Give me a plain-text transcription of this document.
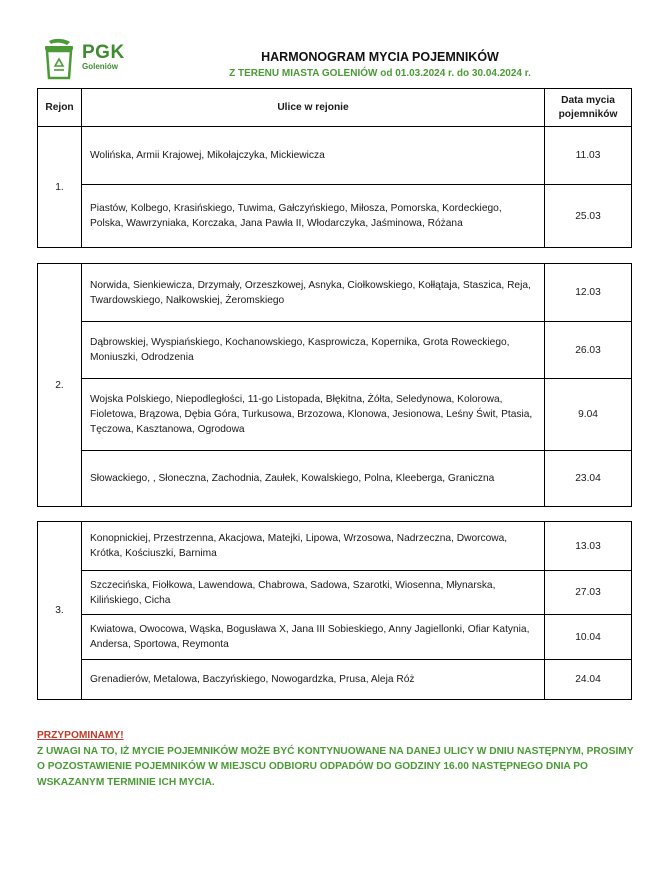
PGK
Goleniów
HARMONOGRAM MYCIA POJEMNIKÓW
Z TERENU MIASTA GOLENIÓW od 01.03.2024 r. do 30.04.2024 r.
Rejon	Ulice w rejonie	Data mycia pojemników
1.	Wolińska, Armii Krajowej, Mikołajczyka, Mickiewicza	11.03
	Piastów, Kolbego, Krasińskiego, Tuwima, Gałczyńskiego, Miłosza, Pomorska, Kordeckiego, Polska, Wawrzyniaka, Korczaka, Jana Pawła II, Włodarczyka, Jaśminowa, Różana	25.03
2.	Norwida, Sienkiewicza, Drzymały, Orzeszkowej, Asnyka, Ciołkowskiego, Kołłątaja, Staszica, Reja, Twardowskiego, Nałkowskiej, Żeromskiego	12.03
	Dąbrowskiej, Wyspiańskiego, Kochanowskiego, Kasprowicza, Kopernika, Grota Roweckiego, Moniuszki, Odrodzenia	26.03
	Wojska Polskiego, Niepodległości, 11-go Listopada, Błękitna, Żółta, Seledynowa, Kolorowa, Fioletowa, Brązowa, Dębia Góra, Turkusowa, Brzozowa, Klonowa, Jesionowa, Leśny Świt, Ptasia, Tęczowa, Kasztanowa, Ogrodowa	9.04
	Słowackiego, , Słoneczna, Zachodnia, Zaułek, Kowalskiego, Polna, Kleeberga, Graniczna	23.04
3.	Konopnickiej, Przestrzenna, Akacjowa, Matejki, Lipowa, Wrzosowa, Nadrzeczna, Dworcowa, Krótka, Kościuszki, Barnima	13.03
	Szczecińska, Fiołkowa, Lawendowa, Chabrowa, Sadowa, Szarotki, Wiosenna, Młynarska, Kilińskiego, Cicha	27.03
	Kwiatowa, Owocowa, Wąska, Bogusława X, Jana III Sobieskiego, Anny Jagiellonki, Ofiar Katynia, Andersa, Sportowa, Reymonta	10.04
	Grenadierów, Metalowa, Baczyńskiego, Nowogardzka, Prusa, Aleja Róż	24.04
PRZYPOMINAMY!
Z UWAGI NA TO, IŻ MYCIE POJEMNIKÓW MOŻE BYĆ KONTYNUOWANE NA DANEJ ULICY W DNIU NASTĘPNYM, PROSIMY O POZOSTAWIENIE POJEMNIKÓW W MIEJSCU ODBIORU ODPADÓW DO GODZINY 16.00 NASTĘPNEGO DNIA PO WSKAZANYM TERMINIE ICH MYCIA.
